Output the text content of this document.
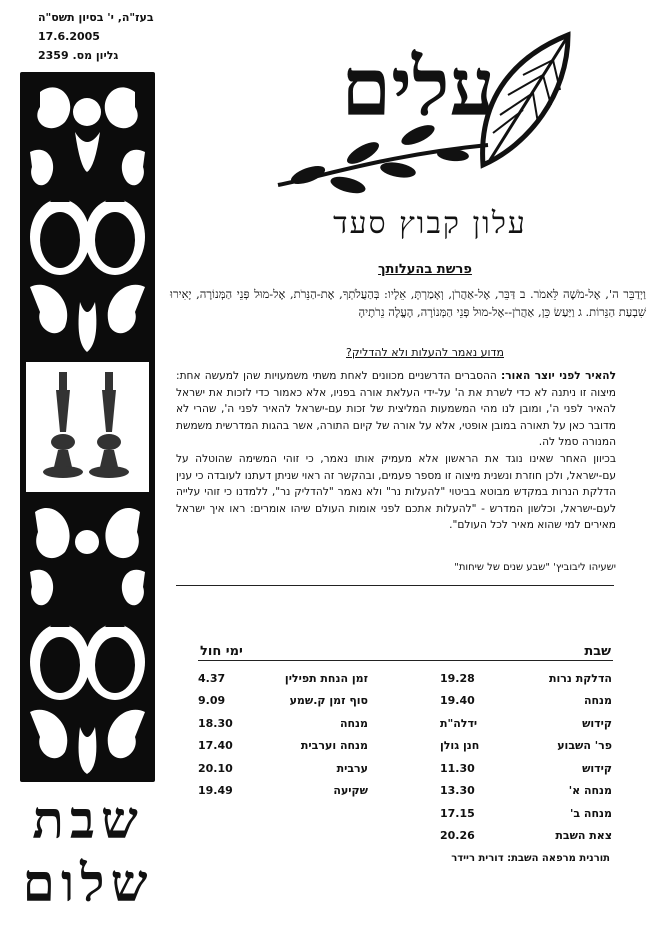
בעז"ה, י' בסיון תשס"ה
17.6.2005
גליון מס. 2359
שבת
שלום
עלים
עלון קבוץ סעד
פרשת בהעלותך
וַיְדַבֵּר ה', אֶל-מֹשֶׁה לֵּאמֹר. ב דַּבֵּר, אֶל-אַהֲרֹן, וְאָמַרְתָּ, אֵלָיו: בְּהַעֲלֹתְךָ, אֶת-הַנֵּרֹת, אֶל-מוּל פְּנֵי הַמְּנוֹרָה, יָאִירוּ שִׁבְעַת הַנֵּרוֹת. ג וַיַּעַשׂ כֵּן, אַהֲרֹן--אֶל-מוּל פְּנֵי הַמְּנוֹרָה, הֶעֱלָה נֵרֹתֶיהָ
מדוע נאמר להעלות ולא להדליק?
להאיר לפני יוצר האור: ההסברים הדרשניים מכוונים לאחת משתי משמעויות שהן למעשה אחת: מיצוה זו ניתנה לא כדי לשרת את ה' על-ידי העלאת אורה בפניו, אלא כאמור כדי לזכות את ישראל להאיר לפני ה', ומובן לנו מהי המשמעות המליצית של זכות עם-ישראל להאיר לפני ה', שהרי לא מדובר כאן על תאורה במובן אופטי, אלא על אורה של קיום התורה, אשר בהגות המדרשית משמשת המנורה סמל לה.
בכיוון האחר שאינו נוגד את הראשון אלא מעמיק אותו נאמר, כי זוהי המשימה שהוטלה על עם-ישראל, ולכן חוזרת ונשנית מיצוה זו מספר פעמים, ובהקשר זה ראוי שניתן דעתנו לעובדה כי ענין הדלקת הנרות במקדש מבוטא בביטוי "להעלות נר" ולא נאמר "להדליק נר", ללמדנו כי זוהי עלייה לעם-ישראל, וכלשון המדרש - "להעלות אתכם לפני אומות העולם שיהו אומרים: ראו איך ישראל מאירים למי שהוא מאיר לכל העולם".
ישעיהו ליבוביץ' "שבע שנים של שיחות"
שבת
ימי חול
הדלקת נרות	19.28
מנחה	19.40
קידוש	ידלה"ת
פר' השבוע	חנן גולן
קידוש	11.30
מנחה א'	13.30
מנחה ב'	17.15
צאת השבת	20.26
זמן הנחת תפילין	4.37
סוף זמן ק.שמע	9.09
מנחה	18.30
מנחה וערבית	17.40
ערבית	20.10
שקיעה	19.49
תורנית מרפאה השבת: דורית ריידר
